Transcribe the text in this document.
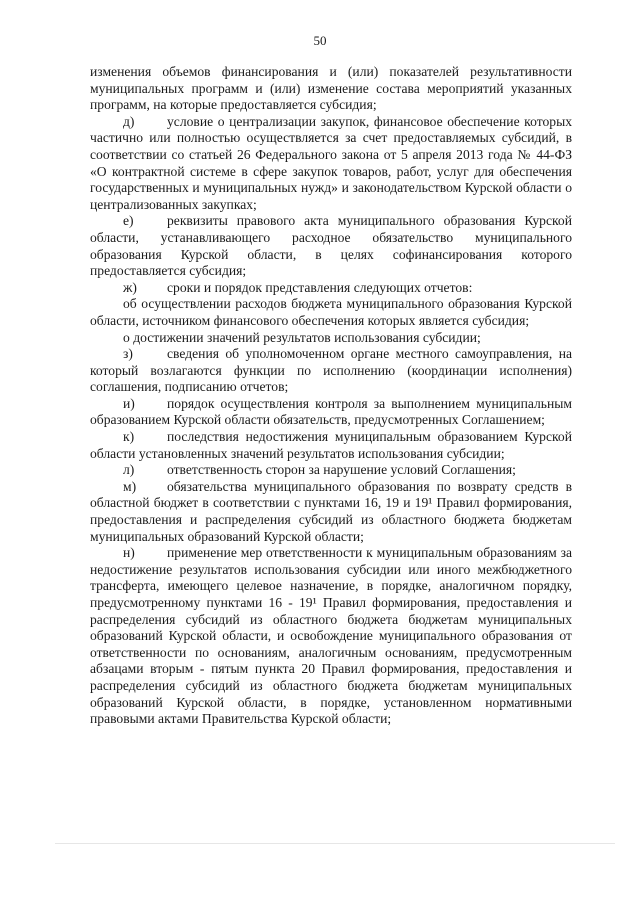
50

изменения объемов финансирования и (или) показателей результативности муниципальных программ и (или) изменение состава мероприятий указанных программ, на которые предоставляется субсидия;

д) условие о централизации закупок, финансовое обеспечение которых частично или полностью осуществляется за счет предоставляемых субсидий, в соответствии со статьей 26 Федерального закона от 5 апреля 2013 года № 44-ФЗ «О контрактной системе в сфере закупок товаров, работ, услуг для обеспечения государственных и муниципальных нужд» и законодательством Курской области о централизованных закупках;

е) реквизиты правового акта муниципального образования Курской области, устанавливающего расходное обязательство муниципального образования Курской области, в целях софинансирования которого предоставляется субсидия;

ж) сроки и порядок представления следующих отчетов:

об осуществлении расходов бюджета муниципального образования Курской области, источником финансового обеспечения которых является субсидия;

о достижении значений результатов использования субсидии;

з)	сведения об уполномоченном органе местного самоуправления, на который возлагаются функции по исполнению (координации исполнения) соглашения, подписанию отчетов;

и) порядок осуществления контроля за выполнением муниципальным образованием Курской области обязательств, предусмотренных Соглашением;

к) последствия недостижения муниципальным образованием Курской области установленных значений результатов использования субсидии;

л) ответственность сторон за нарушение условий Соглашения;

м) обязательства муниципального образования по возврату средств в областной бюджет в соответствии с пунктами 16, 19 и 19¹ Правил формирования, предоставления и распределения субсидий из областного бюджета бюджетам муниципальных образований Курской области;

н) применение мер ответственности к муниципальным образованиям за недостижение результатов использования субсидии или иного межбюджетного трансферта, имеющего целевое назначение, в порядке, аналогичном порядку, предусмотренному пунктами 16 - 19¹ Правил формирования, предоставления и распределения субсидий из областного бюджета бюджетам муниципальных образований Курской области, и освобождение муниципального образования от ответственности по основаниям, аналогичным основаниям, предусмотренным абзацами вторым - пятым пункта 20 Правил формирования, предоставления и распределения субсидий из областного бюджета бюджетам муниципальных образований Курской области, в порядке, установленном нормативными правовыми актами Правительства Курской области;
